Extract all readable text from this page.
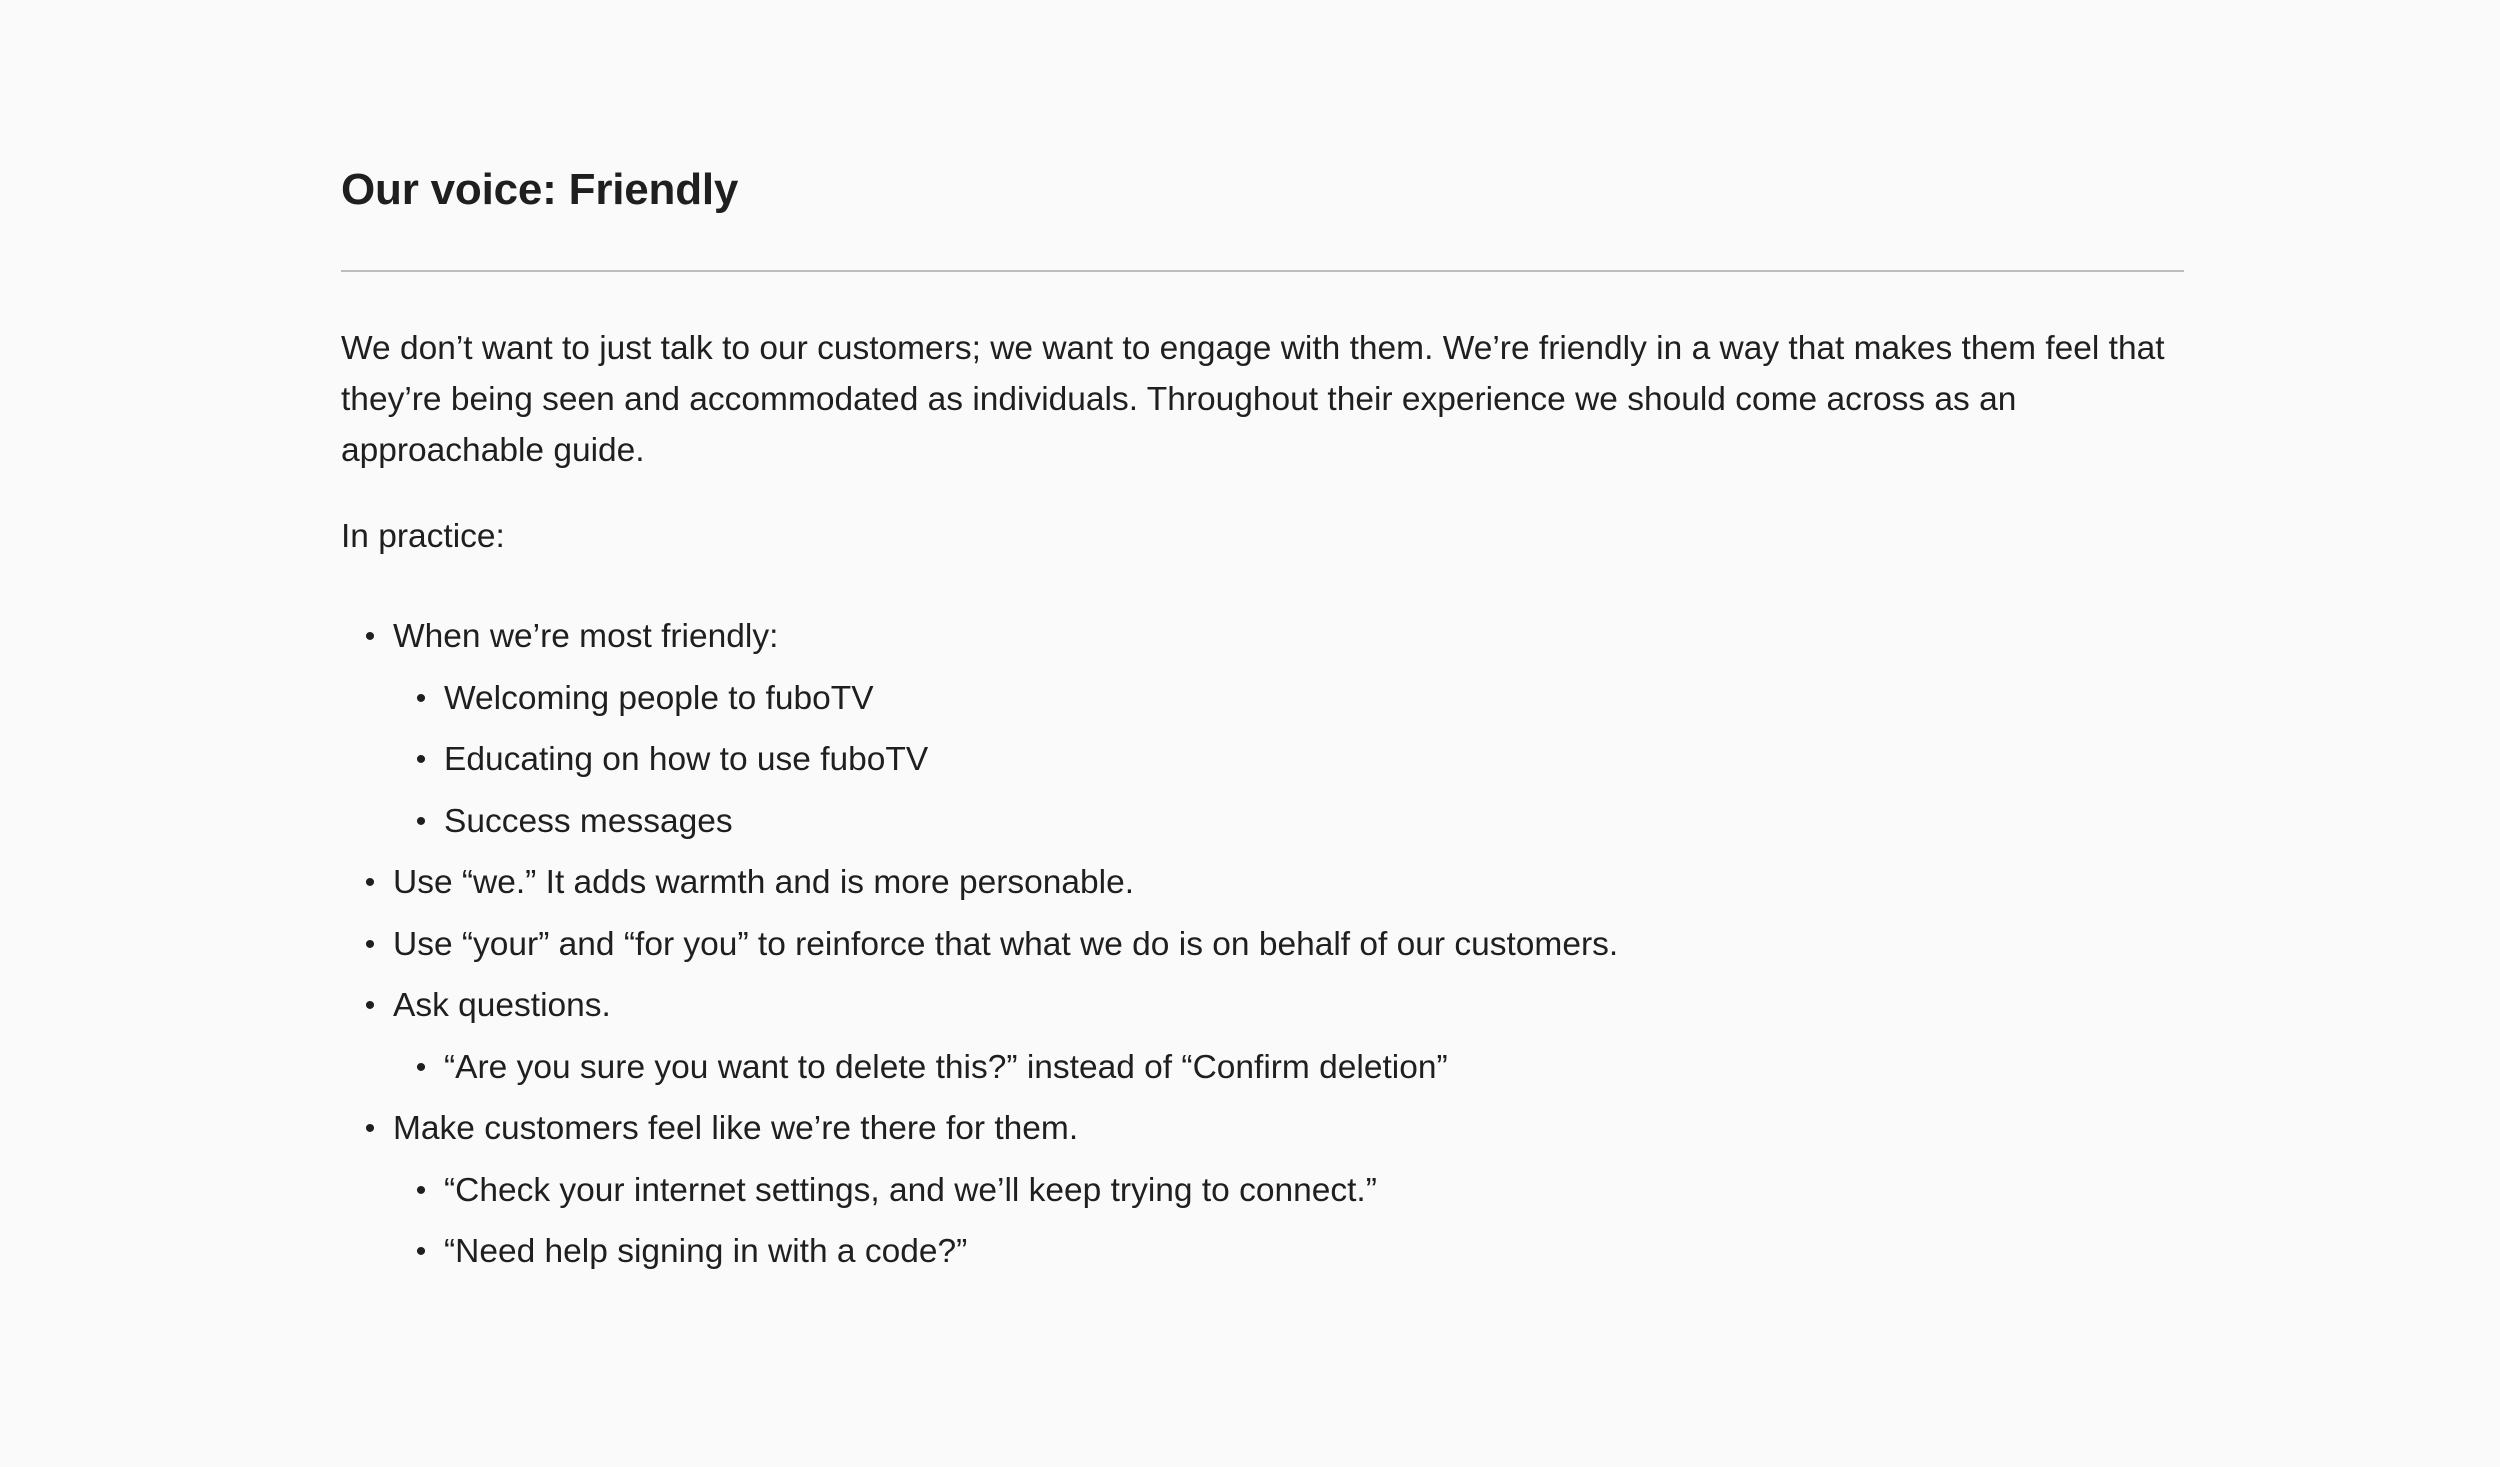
Our voice: Friendly

We don’t want to just talk to our customers; we want to engage with them. We’re friendly in a way that makes them feel that they’re being seen and accommodated as individuals. Throughout their experience we should come across as an approachable guide.

In practice:

• When we’re most friendly:
• Welcoming people to fuboTV
• Educating on how to use fuboTV
• Success messages
• Use “we.” It adds warmth and is more personable.
• Use “your” and “for you” to reinforce that what we do is on behalf of our customers.
• Ask questions.
• “Are you sure you want to delete this?” instead of “Confirm deletion”
• Make customers feel like we’re there for them.
• “Check your internet settings, and we’ll keep trying to connect.”
• “Need help signing in with a code?”
